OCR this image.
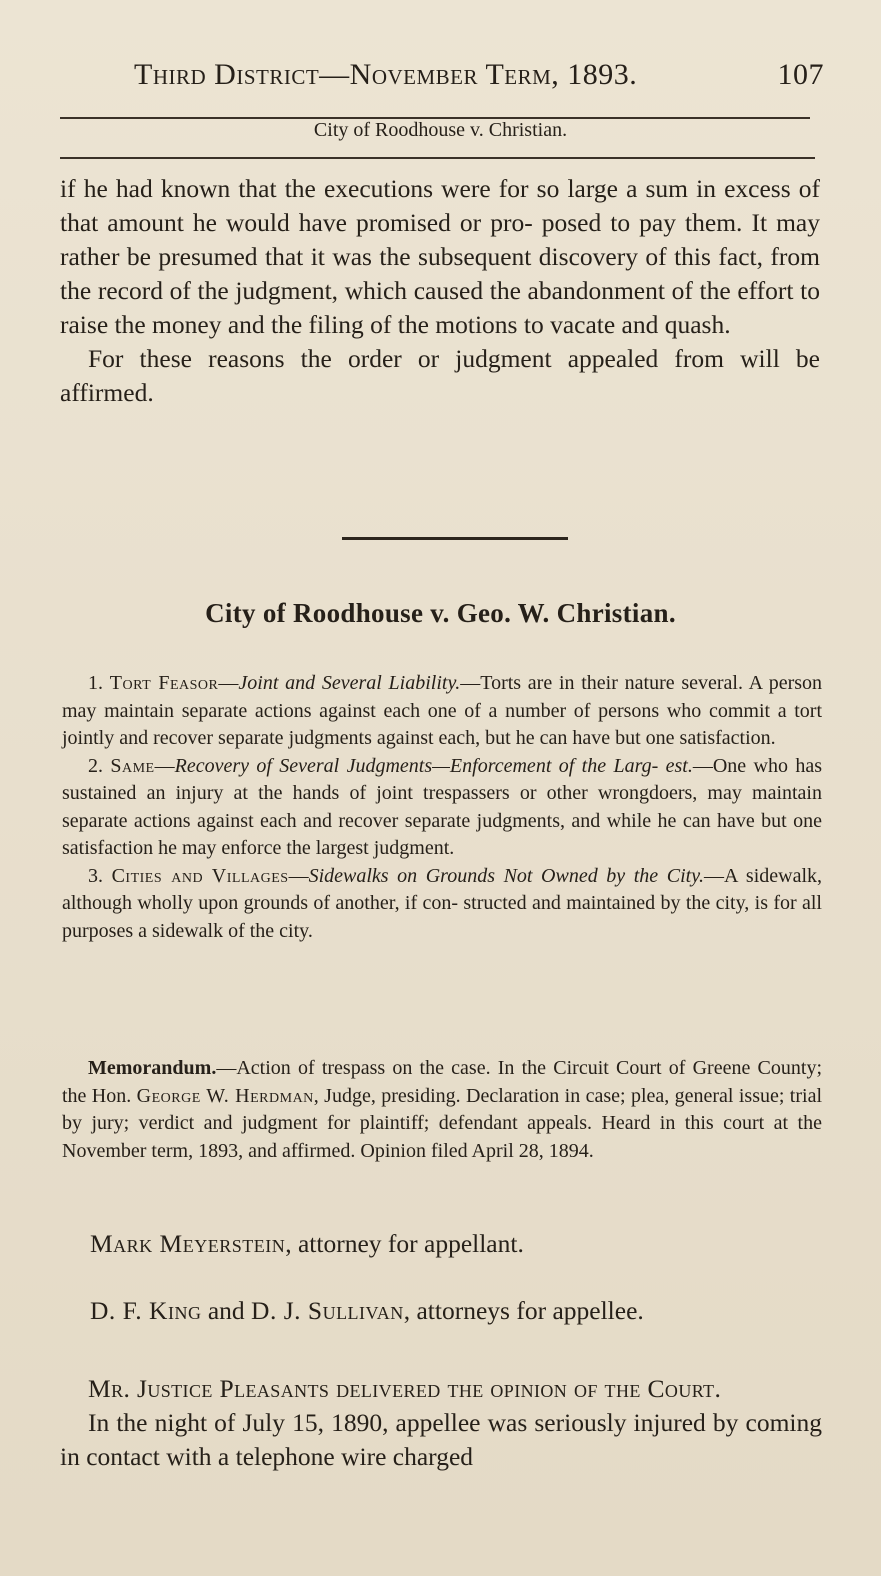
Third District—November Term, 1893.	107
City of Roodhouse v. Christian.

if he had known that the executions were for so large a sum in excess of that amount he would have promised or pro- posed to pay them. It may rather be presumed that it was the subsequent discovery of this fact, from the record of the judgment, which caused the abandonment of the effort to raise the money and the filing of the motions to vacate and quash.

For these reasons the order or judgment appealed from will be affirmed.

City of Roodhouse v. Geo. W. Christian.

1. Tort Feasor—Joint and Several Liability.—Torts are in their nature several. A person may maintain separate actions against each one of a number of persons who commit a tort jointly and recover separate judgments against each, but he can have but one satisfaction.

2. Same—Recovery of Several Judgments—Enforcement of the Larg- est.—One who has sustained an injury at the hands of joint trespassers or other wrongdoers, may maintain separate actions against each and recover separate judgments, and while he can have but one satisfaction he may enforce the largest judgment.

3. Cities and Villages—Sidewalks on Grounds Not Owned by the City.—A sidewalk, although wholly upon grounds of another, if con- structed and maintained by the city, is for all purposes a sidewalk of the city.

Memorandum.—Action of trespass on the case. In the Circuit Court of Greene County; the Hon. George W. Herdman, Judge, presiding. Declaration in case; plea, general issue; trial by jury; verdict and judgment for plaintiff; defendant appeals. Heard in this court at the November term, 1893, and affirmed. Opinion filed April 28, 1894.

Mark Meyerstein, attorney for appellant.
D. F. King and D. J. Sullivan, attorneys for appellee.

Mr. Justice Pleasants delivered the opinion of the Court.

In the night of July 15, 1890, appellee was seriously injured by coming in contact with a telephone wire charged
